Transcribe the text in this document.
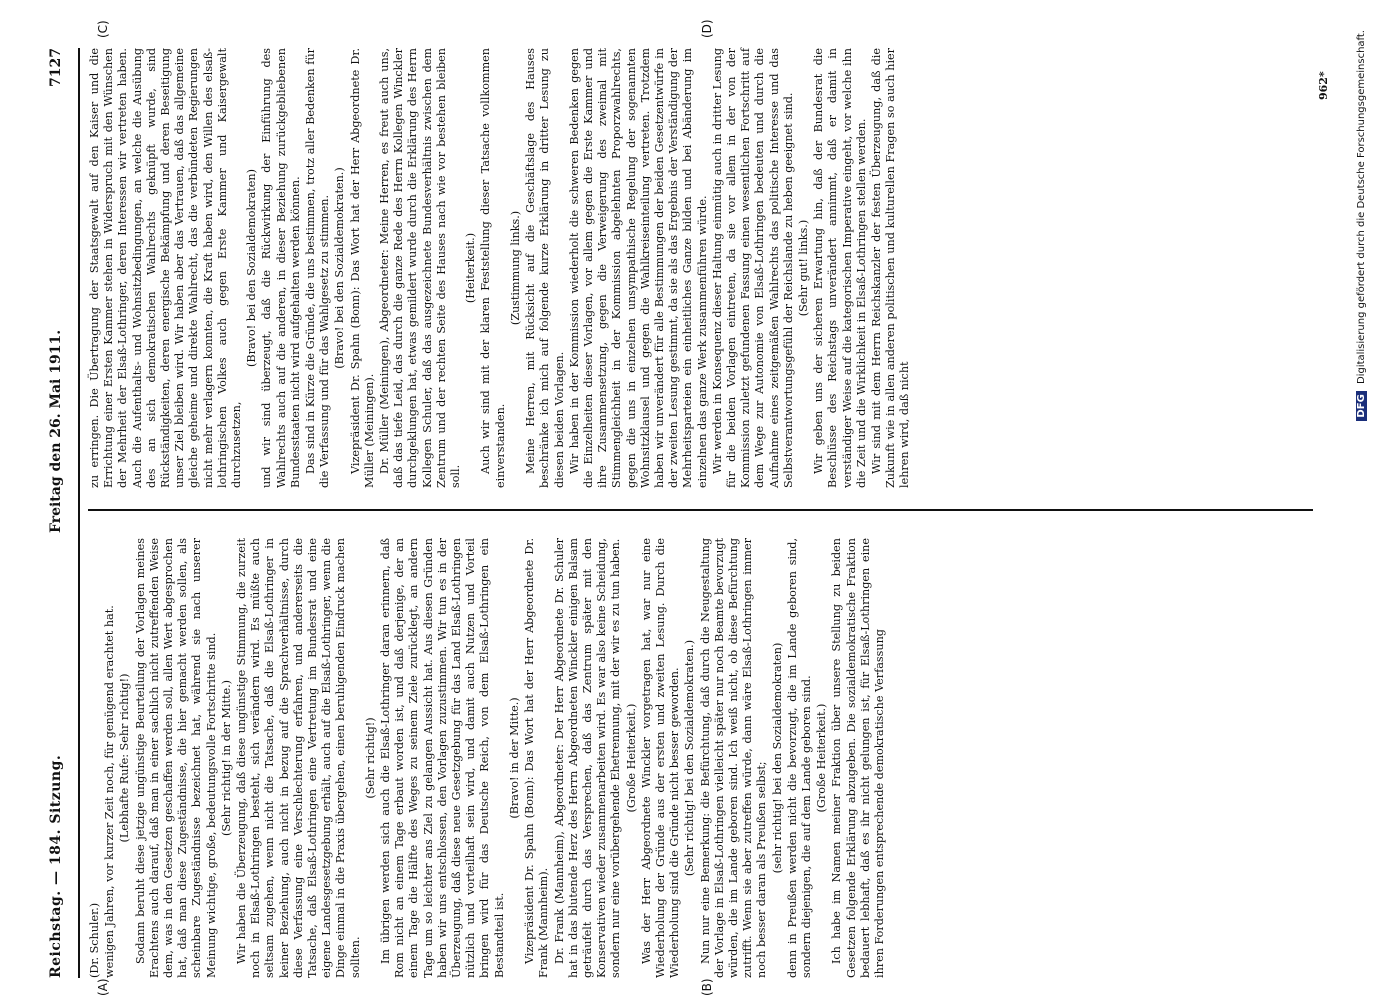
Reichstag. — 184. Sitzung.
Freitag den 26. Mai 1911.
7127
(A)	(B)
(C)	(D)

(Dr. Schuler.) wenigen Jahren, vor kurzer Zeit noch, für genügend erachtet hat. (Lebhafte Rufe: Sehr richtig!) Sodann beruht diese jetzige ungünstige Beurteilung der Vorlagen meines Erachtens auch darauf, daß man in einer sachlich nicht zutreffenden Weise dem, was in den Gesetzen geschaffen werden soll, allen Wert abgesprochen hat, daß man diese Zugeständnisse, die hier gemacht werden sollen, als scheinbare Zugeständnisse bezeichnet hat, während sie nach unserer Meinung wichtige, große, bedeutungsvolle Fortschritte sind. (Sehr richtig! in der Mitte.) Wir haben die Überzeugung, daß diese ungünstige Stimmung, die zurzeit noch in Elsaß-Lothringen besteht, sich verändern wird. Es müßte auch seltsam zugehen, wenn nicht die Tatsache, daß die Elsaß-Lothringer in keiner Beziehung, auch nicht in bezug auf die Sprachverhältnisse, durch diese Verfassung eine Verschlechterung erfahren, und andererseits die Tatsache, daß Elsaß-Lothringen eine Vertretung im Bundesrat und eine eigene Landesgesetzgebung erhält, auch auf die Elsaß-Lothringer, wenn die Dinge einmal in die Praxis übergehen, einen beruhigenden Eindruck machen sollten.

(Sehr richtig!) Im übrigen werden sich auch die Elsaß-Lothringer daran erinnern, daß Rom nicht an einem Tage erbaut worden ist, und daß derjenige, der an einem Tage die Hälfte des Weges zu seinem Ziele zurücklegt, an andern Tage um so leichter ans Ziel zu gelangen Aussicht hat. Aus diesen Gründen haben wir uns entschlossen, den Vorlagen zuzustimmen. Wir tun es in der Überzeugung, daß diese neue Gesetzgebung für das Land Elsaß-Lothringen nützlich und vorteilhaft sein wird, und damit auch Nutzen und Vorteil bringen wird für das Deutsche Reich, von dem Elsaß-Lothringen ein Bestandteil ist.

(Bravo! in der Mitte.) Vizepräsident Dr. Spahn (Bonn): Das Wort hat der Herr Abgeordnete Dr. Frank (Mannheim). Dr. Frank (Mannheim), Abgeordneter: Der Herr Abgeordnete Dr. Schuler hat in das blutende Herz des Herrn Abgeordneten Winckler einigen Balsam geträufelt durch das Versprechen, daß das Zentrum später mit den Konservativen wieder zusammenarbeiten wird. Es war also keine Scheidung, sondern nur eine vorübergehende Ehetrennung, mit der wir es zu tun haben. (Große Heiterkeit.) Was der Herr Abgeordnete Winckler vorgetragen hat, war nur eine Wiederholung der Gründe aus der ersten und zweiten Lesung. Durch die Wiederholung sind die Gründe nicht besser geworden. (Sehr richtig! bei den Sozialdemokraten.) Nun nur eine Bemerkung: die Befürchtung, daß durch die Neugestaltung der Vorlage in Elsaß-Lothringen vielleicht später nur noch Beamte bevorzugt würden, die im Lande geboren sind. Ich weiß nicht, ob diese Befürchtung zutrifft. Wenn sie aber zutreffen würde, dann wäre Elsaß-Lothringen immer noch besser daran als Preußen selbst; (sehr richtig! bei den Sozialdemokraten) denn in Preußen werden nicht die bevorzugt, die im Lande geboren sind, sondern diejenigen, die auf dem Lande geboren sind. (Große Heiterkeit.) Ich habe im Namen meiner Fraktion über unsere Stellung zu beiden Gesetzen folgende Erklärung abzugeben. Die sozialdemokratische Fraktion bedauert lebhaft, daß es ihr nicht gelungen ist, für Elsaß-Lothringen eine ihren Forderungen entsprechende demokratische Verfassung

zu erringen. Die Übertragung der Staatsgewalt auf den Kaiser und die Errichtung einer Ersten Kammer stehen in Widerspruch mit den Wünschen der Mehrheit der Elsaß-Lothringer, deren Interessen wir vertreten haben. Auch die Aufenthalts- und Wohnsitzbedingungen, an welche die Ausübung des an sich demokratischen Wahlrechts geknüpft wurde, sind Rückständigkeiten, deren energische Bekämpfung und deren Beseitigung unser Ziel bleiben wird. Wir haben aber das Vertrauen, daß das allgemeine gleiche geheime und direkte Wahlrecht, das die verbündeten Regierungen nicht mehr verlagern konnten, die Kraft haben wird, den Willen des elsaß-lothringischen Volkes auch gegen Erste Kammer und Kaisergewalt durchzusetzen,

(Bravo! bei den Sozialdemokraten) und wir sind überzeugt, daß die Rückwirkung der Einführung des Wahlrechts auch auf die anderen, in dieser Beziehung zurückgebliebenen Bundesstaaten nicht wird aufgehalten werden können. Das sind in Kürze die Gründe, die uns bestimmen, trotz aller Bedenken für die Verfassung und für das Wahlgesetz zu stimmen. (Bravo! bei den Sozialdemokraten.) Vizepräsident Dr. Spahn (Bonn): Das Wort hat der Herr Abgeordnete Dr. Müller (Meiningen). Dr. Müller (Meiningen), Abgeordneter: Meine Herren, es freut auch uns, daß das tiefe Leid, das durch die ganze Rede des Herrn Kollegen Winckler durchgeklungen hat, etwas gemildert wurde durch die Erklärung des Herrn Kollegen Schuler, daß das ausgezeichnete Bundesverhältnis zwischen dem Zentrum und der rechten Seite des Hauses nach wie vor bestehen bleiben soll.

(Heiterkeit.) Auch wir sind mit der klaren Feststellung dieser Tatsache vollkommen einverstanden.

(Zustimmung links.) Meine Herren, mit Rücksicht auf die Geschäftslage des Hauses beschränke ich mich auf folgende kurze Erklärung in dritter Lesung zu diesen beiden Vorlagen. Wir haben in der Kommission wiederholt die schweren Bedenken gegen die Einzelheiten dieser Vorlagen, vor allem gegen die Erste Kammer und ihre Zusammensetzung, gegen die Verweigerung des zweimal mit Stimmengleichheit in der Kommission abgelehnten Proporzwahlrechts, gegen die uns in einzelnen unsympathische Regelung der sogenannten Wohnsitzklausel und gegen die Wahlkreiseinteilung vertreten. Trotzdem haben wir unverändert für alle Bestimmungen der beiden Gesetzentwürfe in der zweiten Lesung gestimmt, da sie als das Ergebnis der Verständigung der Mehrheitsparteien ein einheitliches Ganze bilden und bei Abänderung im einzelnen das ganze Werk zusammenführen würde. Wir werden in Konsequenz dieser Haltung einmütig auch in dritter Lesung für die beiden Vorlagen eintreten, da sie vor allem in der von der Kommission zuletzt gefundenen Fassung einen wesentlichen Fortschritt auf dem Wege zur Autonomie von Elsaß-Lothringen bedeuten und durch die Aufnahme eines zeitgemäßen Wahlrechts das politische Interesse und das Selbstverantwortungsgefühl der Reichslande zu heben geeignet sind. (Sehr gut! links.) Wir geben uns der sicheren Erwartung hin, daß der Bundesrat die Beschlüsse des Reichstags unverändert annimmt, daß er damit in verständiger Weise auf die kategorischen Imperative eingeht, vor welche ihn die Zeit und die Wirklichkeit in Elsaß-Lothringen stellen werden. Wir sind mit dem Herrn Reichskanzler der festen Überzeugung, daß die Zukunft wie in allen anderen politischen und kulturellen Fragen so auch hier lehren wird, daß nicht

962*
DFG Digitalisierung gefördert durch die Deutsche Forschungsgemeinschaft.
